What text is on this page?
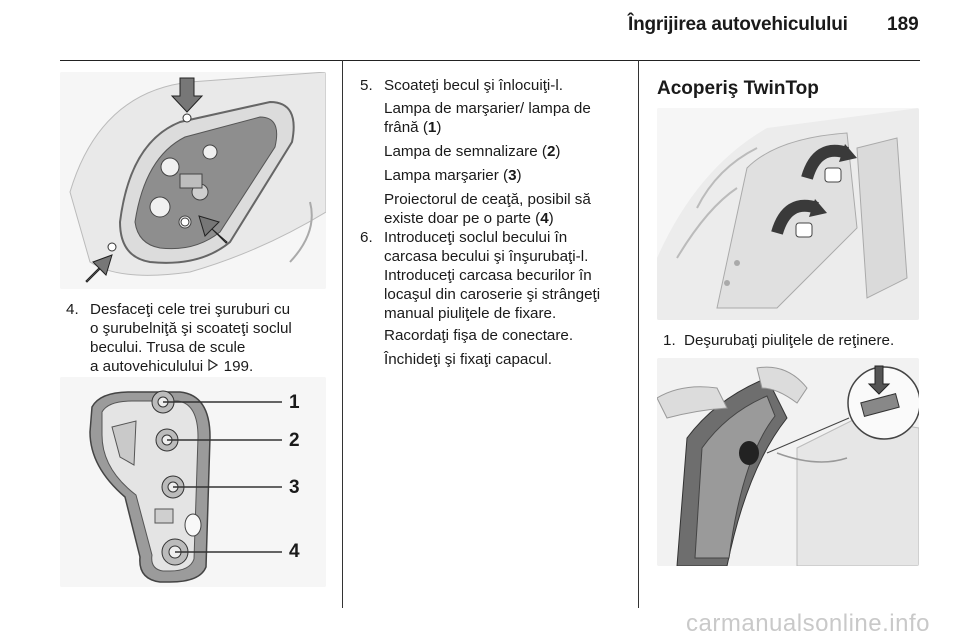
Îngrijirea autovehiculului 189
4. Desfaceţi cele trei şuruburi cu
o şurubelniţă şi scoateţi soclul
becului. Trusa de scule
a autovehiculului 199.
1
2
3
4
5. Scoateţi becul şi înlocuiţi-l.
Lampa de marşarier/ lampa de
frână (1)
Lampa de semnalizare (2)
Lampa marşarier (3)
Proiectorul de ceaţă, posibil să
existe doar pe o parte (4)
6. Introduceţi soclul becului în
carcasa becului şi înşurubaţi-l.
Introduceţi carcasa becurilor în
locaşul din caroserie şi strângeţi
manual piuliţele de fixare.
Racordaţi fişa de conectare.
Închideţi şi fixaţi capacul.
Acoperiş TwinTop
1. Deşurubaţi piuliţele de reţinere.
carmanualsonline.info
